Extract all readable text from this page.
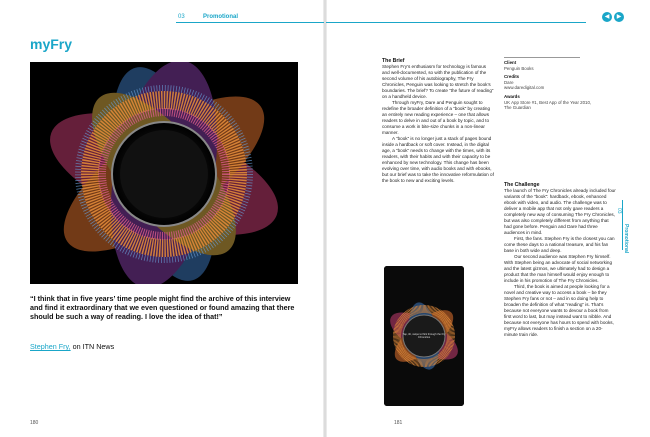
03	Promotional	◀	▶
myFry
“I think that in five years’ time people might find the archive of this interview and find it extraordinary that we even questioned or found amazing that there should be such a way of reading. I love the idea of that!”
Stephen Fry, on ITN News
180
The Brief

Stephen Fry’s enthusiasm for technology is famous and well-documented, so with the publication of the second volume of his autobiography, The Fry Chronicles, Penguin was looking to stretch the book’s boundaries. The brief? To create “the future of reading” on a handheld device.

Through myFry, Dare and Penguin sought to redefine the broader definition of a “book” by creating an entirely new reading experience – one that allows readers to delve in and out of a book by topic, and to consume a work in bite-size chunks in a non-linear manner.

A “book” is no longer just a stack of pages bound inside a hardback or soft cover. Instead, in the digital age, a “book” needs to change with the times, with its readers, with their habits and with their capacity to be enhanced by new technology. This change has been evolving over time, with audio books and with ebooks, but our brief was to take the innovative reformulation of the book to new and exciting levels.

Client
Penguin Books
Credits
Dare
www.daredigital.com
Awards
UK App Store #1, Best App of the Year 2010, The Guardian
The Challenge

The launch of The Fry Chronicles already included four variants of the “book”: hardback, ebook, enhanced ebook with video, and audio. The challenge was to deliver a mobile app that not only gave readers a completely new way of consuming The Fry Chronicles, but was also completely different from anything that had gone before. Penguin and Dare had three audiences in mind.

First, the fans. Stephen Fry is the closest you can come these days to a national treasure, and his fan base in both wide and deep.

Our second audience was Stephen Fry himself. With Stephen being an advocate of social networking and the latest gizmos, we ultimately had to design a product that the man himself would enjoy enough to include in his promotion of The Fry Chronicles.

Third, the book is aimed at people looking for a novel and creative way to access a book – be they Stephen Fry fans or not – and in so doing help to broaden the definition of what “reading” is. That’s because not everyone wants to devour a book from first word to last, but may instead want to nibble. And because not everyone has hours to spend with books, myFry allows readers to finish a section on a 20-minute train ride.

Tap, tilt, swipe to flick through the Fry Chronicles
181
03
Promotional
